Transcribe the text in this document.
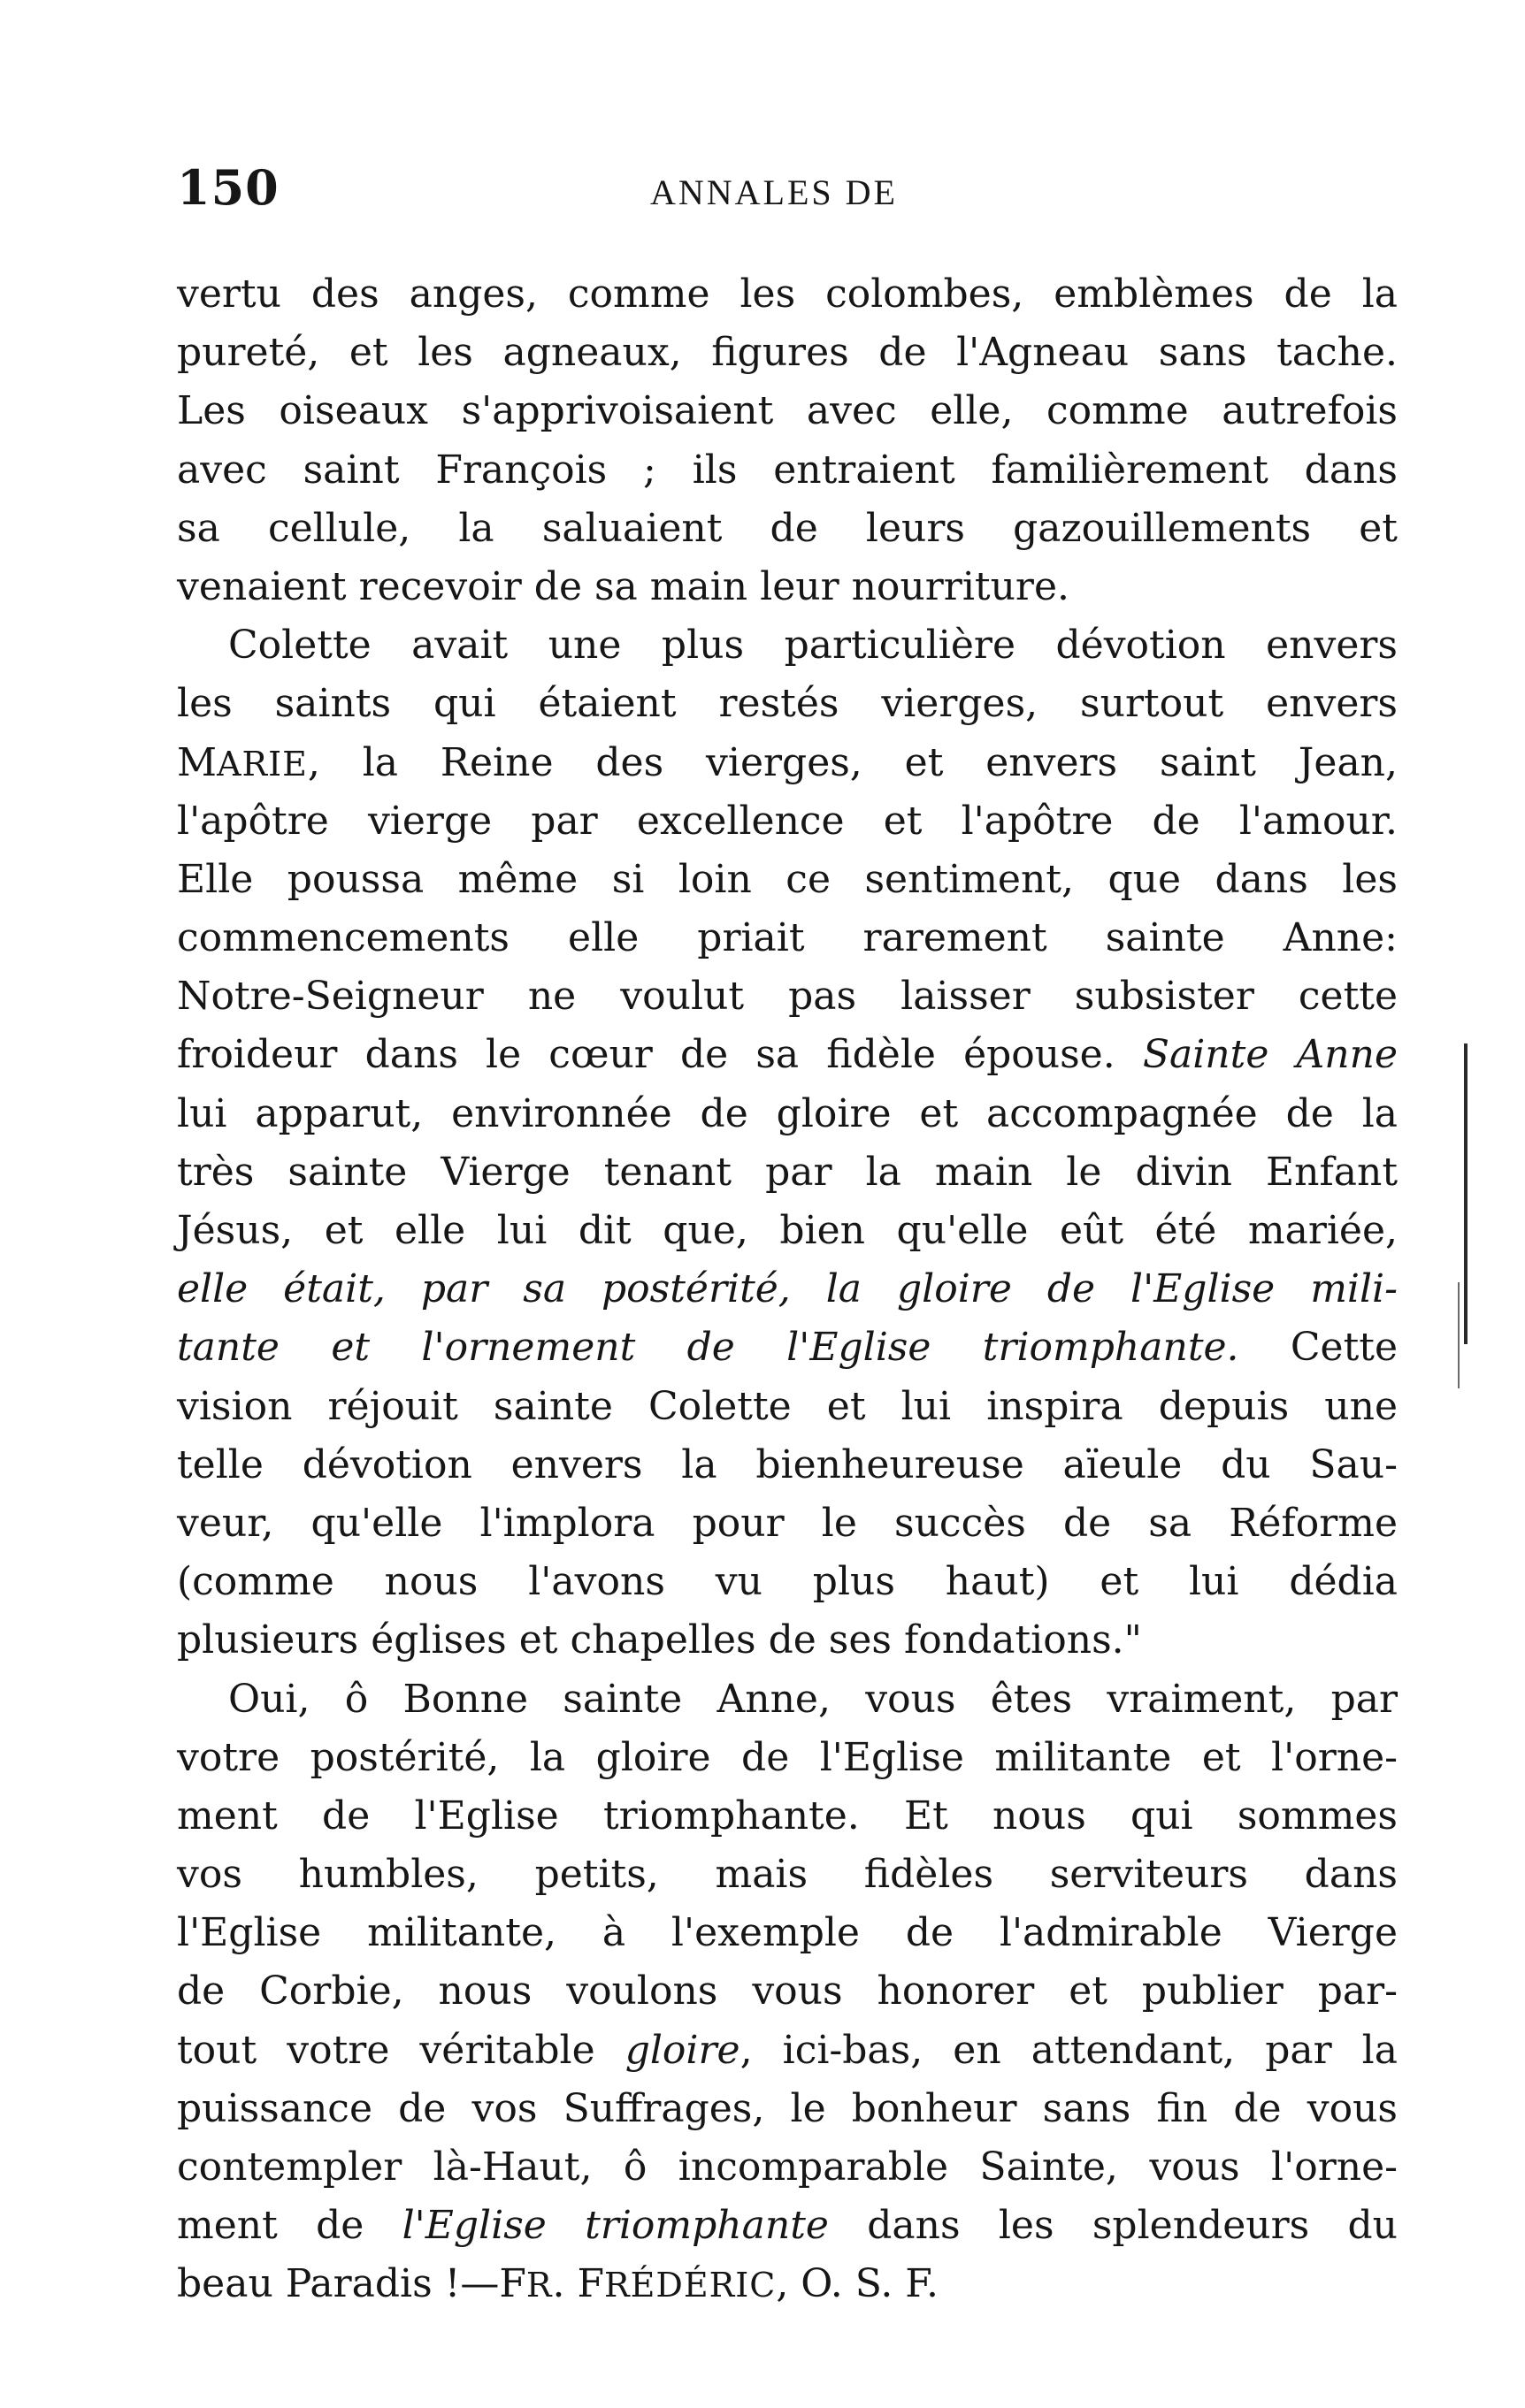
150	ANNALES DE
vertu des anges, comme les colombes, emblèmes de la
pureté, et les agneaux, figures de l'Agneau sans tache.
Les oiseaux s'apprivoisaient avec elle, comme autrefois
avec saint François ; ils entraient familièrement dans
sa cellule, la saluaient de leurs gazouillements et
venaient recevoir de sa main leur nourriture.
Colette avait une plus particulière dévotion envers
les saints qui étaient restés vierges, surtout envers
MARIE, la Reine des vierges, et envers saint Jean,
l'apôtre vierge par excellence et l'apôtre de l'amour.
Elle poussa même si loin ce sentiment, que dans les
commencements elle priait rarement sainte Anne:
Notre-Seigneur ne voulut pas laisser subsister cette
froideur dans le cœur de sa fidèle épouse. Sainte Anne
lui apparut, environnée de gloire et accompagnée de la
très sainte Vierge tenant par la main le divin Enfant
Jésus, et elle lui dit que, bien qu'elle eût été mariée,
elle était, par sa postérité, la gloire de l'Eglise mili-
tante et l'ornement de l'Eglise triomphante. Cette
vision réjouit sainte Colette et lui inspira depuis une
telle dévotion envers la bienheureuse aïeule du Sau-
veur, qu'elle l'implora pour le succès de sa Réforme
(comme nous l'avons vu plus haut) et lui dédia
plusieurs églises et chapelles de ses fondations."
Oui, ô Bonne sainte Anne, vous êtes vraiment, par
votre postérité, la gloire de l'Eglise militante et l'orne-
ment de l'Eglise triomphante. Et nous qui sommes
vos humbles, petits, mais fidèles serviteurs dans
l'Eglise militante, à l'exemple de l'admirable Vierge
de Corbie, nous voulons vous honorer et publier par-
tout votre véritable gloire, ici-bas, en attendant, par la
puissance de vos Suffrages, le bonheur sans fin de vous
contempler là-Haut, ô incomparable Sainte, vous l'orne-
ment de l'Eglise triomphante dans les splendeurs du
beau Paradis !—FR. FRÉDÉRIC, O. S. F.
